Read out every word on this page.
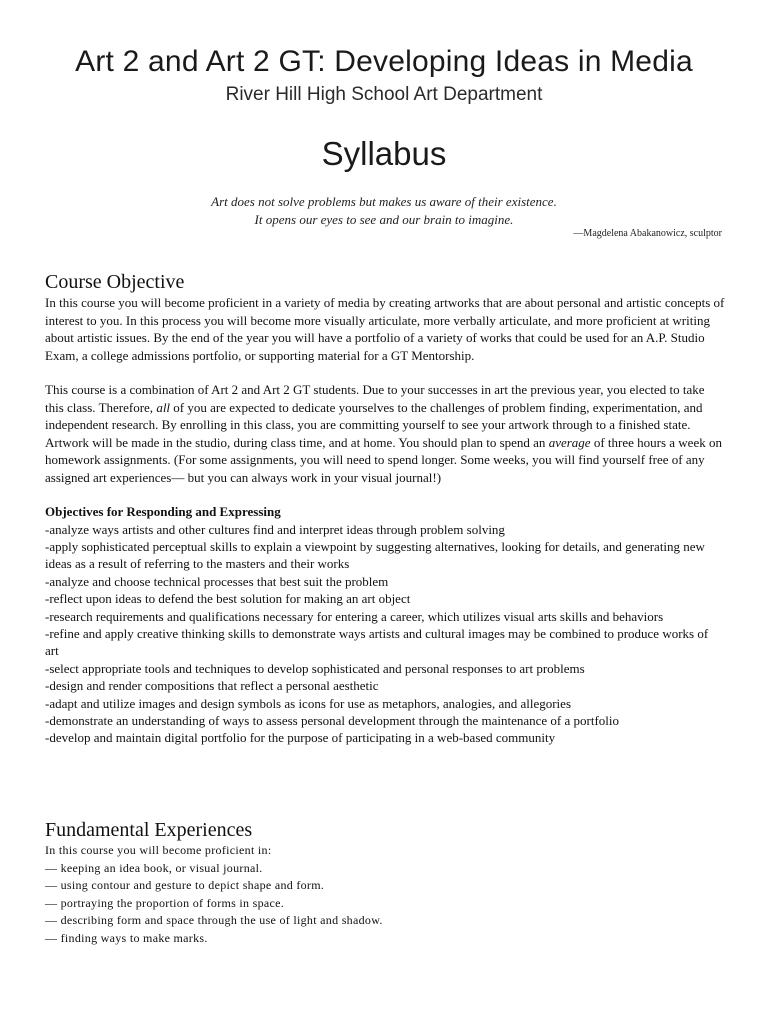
Art 2 and Art 2 GT: Developing Ideas in Media
River Hill High School Art Department
Syllabus
Art does not solve problems but makes us aware of their existence.
It opens our eyes to see and our brain to imagine.
—Magdelena Abakanowicz, sculptor
Course Objective

In this course you will become proficient in a variety of media by creating artworks that are about personal and artistic concepts of interest to you. In this process you will become more visually articulate, more verbally articulate, and more proficient at writing about artistic issues. By the end of the year you will have a portfolio of a variety of works that could be used for an A.P. Studio Exam, a college admissions portfolio, or supporting material for a GT Mentorship.

This course is a combination of Art 2 and Art 2 GT students. Due to your successes in art the previous year, you elected to take this class. Therefore, all of you are expected to dedicate yourselves to the challenges of problem finding, experimentation, and independent research. By enrolling in this class, you are committing yourself to see your artwork through to a finished state. Artwork will be made in the studio, during class time, and at home. You should plan to spend an average of three hours a week on homework assignments. (For some assignments, you will need to spend longer. Some weeks, you will find yourself free of any assigned art experiences— but you can always work in your visual journal!)

Objectives for Responding and Expressing
-analyze ways artists and other cultures find and interpret ideas through problem solving
-apply sophisticated perceptual skills to explain a viewpoint by suggesting alternatives, looking for details, and generating new ideas as a result of referring to the masters and their works
-analyze and choose technical processes that best suit the problem
-reflect upon ideas to defend the best solution for making an art object
-research requirements and qualifications necessary for entering a career, which utilizes visual arts skills and behaviors
-refine and apply creative thinking skills to demonstrate ways artists and cultural images may be combined to produce works of art
-select appropriate tools and techniques to develop sophisticated and personal responses to art problems
-design and render compositions that reflect a personal aesthetic
-adapt and utilize images and design symbols as icons for use as metaphors, analogies, and allegories
-demonstrate an understanding of ways to assess personal development through the maintenance of a portfolio
-develop and maintain digital portfolio for the purpose of participating in a web-based community
Fundamental Experiences
In this course you will become proficient in:
— keeping an idea book, or visual journal.
— using contour and gesture to depict shape and form.
— portraying the proportion of forms in space.
— describing form and space through the use of light and shadow.
— finding ways to make marks.
